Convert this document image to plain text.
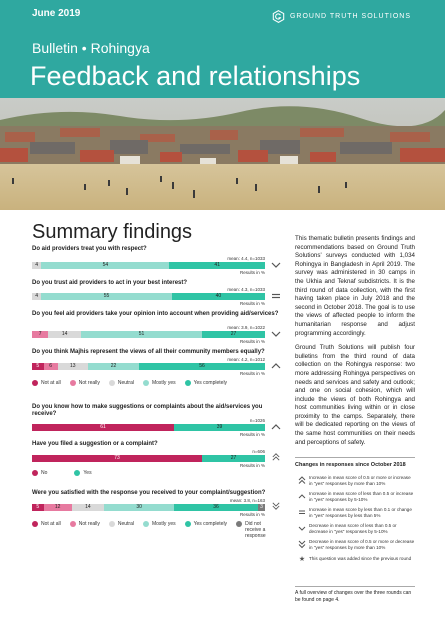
June 2019	GROUND TRUTH SOLUTIONS
Bulletin • Rohingya
Feedback and relationships
Summary findings
Do aid providers treat you with respect?
mean: 4.4, n=1033
4	54	41
Results in %
Do you trust aid providers to act in your best interest?
mean: 4.3, n=1033
4	55	40
Results in %
Do you feel aid providers take your opinion into account when providing aid/services?
mean: 3.9, n=1022
7	14	51	27
Results in %
Do you think Majhis represent the views of all their community members equally?
mean: 4.2, n=1012
5	6	13	22	56
Results in %
Not at all	Not really	Neutral	Mostly yes	Yes completely
Do you know how to make suggestions or complaints about the aid/services you receive?
n=1026
61	39
Results in %
Have you filed a suggestion or a complaint?
n=606
73	27
Results in %
No	Yes
Were you satisfied with the response you received to your complaint/suggestion?
mean: 3.8, n=163
5	12	14	30	36	3
Results in %
Not at all	Not really	Neutral	Mostly yes	Yes completely	Did not receive a response

This thematic bulletin presents findings and recommendations based on Ground Truth Solutions' surveys conducted with 1,034 Rohingya in Bangladesh in April 2019. The survey was administered in 30 camps in the Ukhia and Teknaf subdistricts. It is the third round of data collection, with the first having taken place in July 2018 and the second in October 2018. The goal is to use the views of affected people to inform the humanitarian response and adjust programming accordingly.

Ground Truth Solutions will publish four bulletins from the third round of data collection on the Rohingya response: two more addressing Rohingya perspectives on needs and services and safety and outlook; and one on social cohesion, which will include the views of both Rohingya and host communities living within or in close proximity to the camps. Separately, there will be dedicated reporting on the views of the same host communities on their needs and perceptions of safety.

Changes in responses since October 2018
Increase in mean score of 0.5 or more or increase in "yes" responses by more than 10%
Increase in mean score of less than 0.5 or increase in "yes" responses by 5-10%
Increase in mean score by less than 0.1 or change in "yes" responses by less than 5%
Decrease in mean score of less than 0.5 or decrease in "yes" responses by 5-10%
Decrease in mean score of 0.5 or more or decrease in "yes" responses by more than 10%
★ This question was added since the previous round
A full overview of changes over the three rounds can be found on page 4.
